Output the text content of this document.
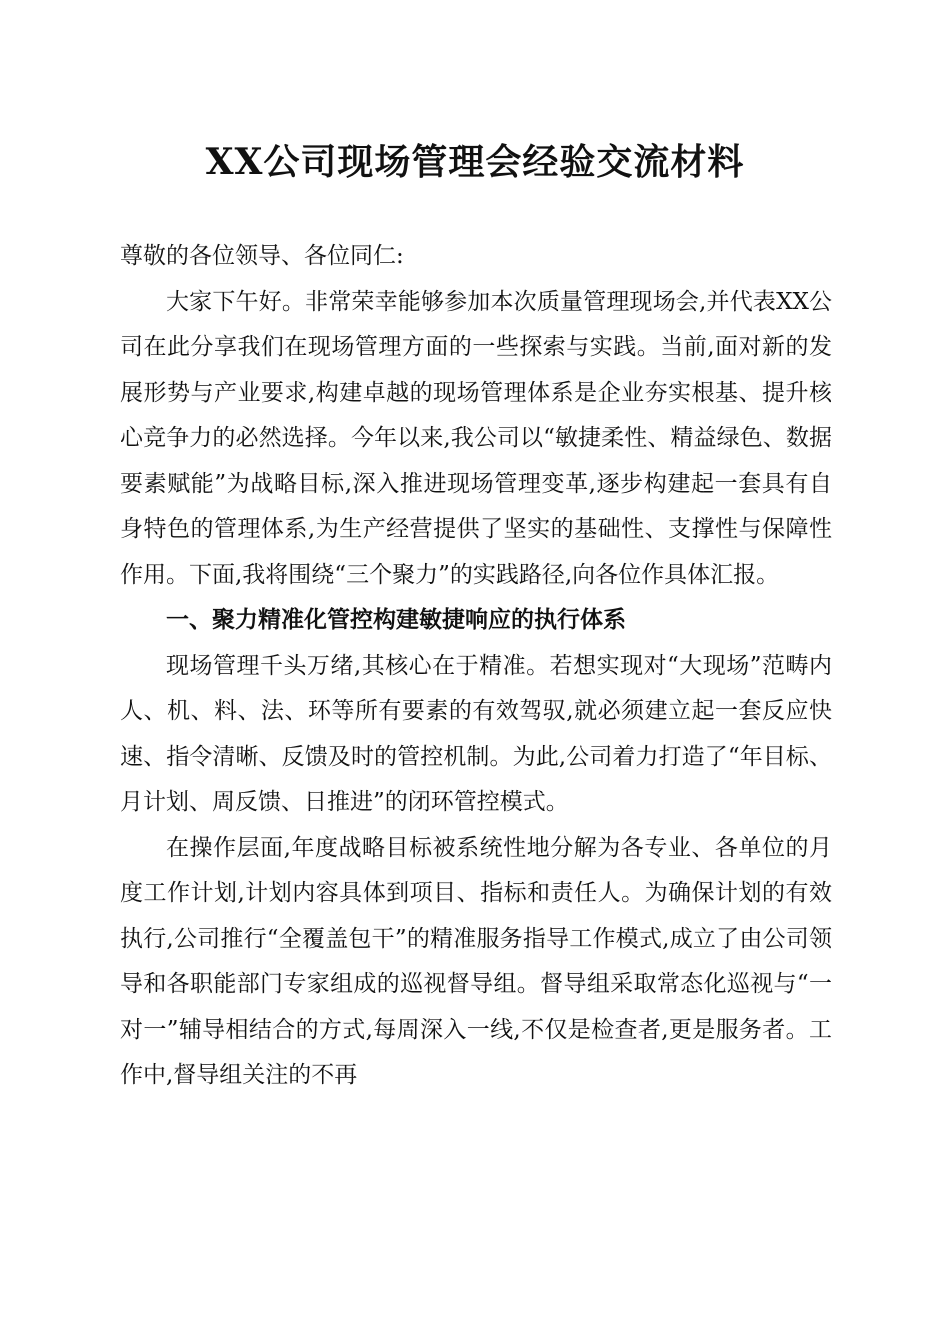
XX公司现场管理会经验交流材料

尊敬的各位领导、各位同仁:

大家下午好。非常荣幸能够参加本次质量管理现场会,并代表XX公司在此分享我们在现场管理方面的一些探索与实践。当前,面对新的发展形势与产业要求,构建卓越的现场管理体系是企业夯实根基、提升核心竞争力的必然选择。今年以来,我公司以“敏捷柔性、精益绿色、数据要素赋能”为战略目标,深入推进现场管理变革,逐步构建起一套具有自身特色的管理体系,为生产经营提供了坚实的基础性、支撑性与保障性作用。下面,我将围绕“三个聚力”的实践路径,向各位作具体汇报。

一、聚力精准化管控构建敏捷响应的执行体系

现场管理千头万绪,其核心在于精准。若想实现对“大现场”范畴内人、机、料、法、环等所有要素的有效驾驭,就必须建立起一套反应快速、指令清晰、反馈及时的管控机制。为此,公司着力打造了“年目标、月计划、周反馈、日推进”的闭环管控模式。

在操作层面,年度战略目标被系统性地分解为各专业、各单位的月度工作计划,计划内容具体到项目、指标和责任人。为确保计划的有效执行,公司推行“全覆盖包干”的精准服务指导工作模式,成立了由公司领导和各职能部门专家组成的巡视督导组。督导组采取常态化巡视与“一对一”辅导相结合的方式,每周深入一线,不仅是检查者,更是服务者。工作中,督导组关注的不再
